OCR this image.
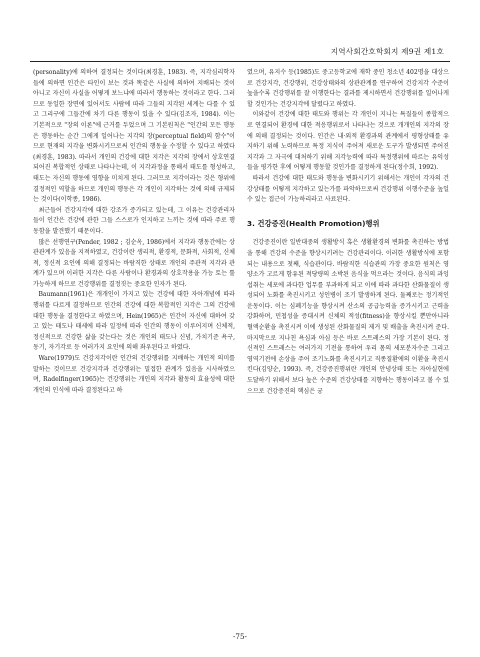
지역사회간호학회지 제9권 제1호

(personality)에 의하여 결정되는 것이다(최경훈, 1983). 즉, 지각심리학자들에 의하면 인간은 타인이 보는 것과 똑같은 사실에 의하여 지배되는 것이 아니고 자신이 사실을 어떻게 보느냐에 따라서 행동하는 것이라고 한다. 그러므로 동일한 장면에 있어서도 사람에 따라 그들의 지각된 세계는 다를 수 있고 그리구에 그들간에 차기 다른 행동이 있을 수 있다(김조자, 1984). 이는 기본적으로 "장의 이론"에 근거를 두었으며 그 기본원칙은 "인간의 모든 행동은 행동하는 순간 그에게 일어나는 지각의 장(perceptual field)의 함수"이므로 현재의 지각을 변화시키므로써 인간의 행동을 수정할 수 있다고 하였다(최경훈, 1983). 따라서 개인의 건강에 대한 지각은 지각의 장에서 상호연결되어진 복합적인 상태로 나타나는데, 이 지각과정을 통해서 태도를 형성하고, 태도는 자신의 행동에 영향을 미치게 된다. 그러므로 지각이라는 것은 형위에 결정적인 역할을 하므로 개인의 행동은 각 개인이 지각하는 것에 의해 규제되는 것이다(이학종, 1986).

최근들어 건강지각에 대한 강조가 증가되고 있는데, 그 이유는 건강관리자들이 인간은 건강에 관한 그들 스스로가 인지하고 느끼는 것에 따라 주로 행동함을 발견했기 때문이다.

많은 선행연구(Pender, 1982 ; 김순옥, 1986)에서 지각과 행동간에는 상관관계가 있음을 지적하였고, 건강이란 생리적, 환경적, 문화적, 사회적, 신체적, 정신적 요인에 의해 결정되는 바람직한 상태로 개인의 주관적 지각과 관계가 있으며 이러한 지각은 다른 사람이나 환경과의 상호작용을 가능 토는 툴가능하게 하므로 건강행위를 결정짓는 중요한 인자가 된다.

Baumann(1961)은 개개인이 가지고 있는 건강에 대한 자아개념에 따라 행위를 다르게 결정하므로 인간의 건강에 대한 복합적인 지각은 그의 건강에 대한 행동을 결정한다고 하였으며, Hein(1965)은 인간이 자신에 대하여 갖고 있는 태도나 태세에 따라 일정에 따라 인간의 행동이 이루어지며 신체적, 정신적으로 건강한 삶을 갖는다는 것은 개인의 태도나 신념, 가치기준 욕구, 동기, 자기각로 등 여러가지 요인에 의해 좌우된다고 하였다.

Ware(1979)도 건강지각이란 인간의 건강행위를 지배하는 개인적 의미를 말하는 것이므로 건강지각과 건강행위는 밀접한 관계가 있음을 시사하였으며, Radelfinger(1965)는 건강행위는 개인의 지각과 활동의 효율성에 대한 개인의 인식에 따라 결정된다고 하

였으며, 유지수 등(1985)도 중고등학교에 재학 중인 청소년 402명을 대상으로 건강지각, 건강행위, 건강상태와의 상관관계를 연구하여 건강지각 수준이 높을수록 건강행위를 잘 이행한다는 결과를 제시하면서 건강행위를 일어나게 할 것인가는 건강지각에 달렸다고 하였다.

이와같이 건강에 대한 태도와 행위는 각 개인이 지니는 특질들이 종합적으로 연결되어 환경에 대한 적응행위로서 나타나는 것으로 개개인의 지각의 장에 의해 결정되는 것이다. 인간은 내·외적 환경과의 관계에서 평형상태를 유지하기 위해 노력하므로 특정 지식이 주어져 새로운 도구가 발생되면 주어진 지각과 그 자극에 대처하기 위해 지각능력에 따라 특정행위에 따르는 유익성들을 평가한 후에 어떻게 행동할 것인가를 결정하게 된다(정수희, 1992).

따라서 건강에 대한 태도와 행동을 변화시키기 위해서는 개인이 각자의 건강상태를 어떻게 지각하고 있는가를 파악하므로써 건강행위 이행수준을 높일 수 있는 접근이 가능하리라고 사료된다.

3. 건강증진(Health Promotion)행위

건강증진이란 일반대중의 생활방식 혹은 생활환경의 변화를 촉진하는 방법을 통해 건강의 수준을 향상시키려는 건강관리이다. 이러한 생활방식에 포함되는 내용으로 첫째, 식습관이다. 바람직한 식습관의 가장 중요한 원칙은 영양소가 고르게 함유된 적당량의 소박된 음식을 먹으라는 것이다. 음식의 과잉섭취는 세포에 과다한 업무를 부과하게 되고 이에 따라 과다한 산화물질이 생성되어 노화를 촉진시키고 성인병이 조기 발생하게 된다. 둘째로는 정기적인 운동이다. 이는 심폐기능을 향상시켜 산소의 공급능력을 증가시키고 근력을 강화하며, 민첩성을 증대시켜 신체의 적성(fitness)을 향상시킬 뿐만아니라 혈액순환을 촉진시켜 이에 생성된 산화물질의 제거 및 배출을 촉진시켜 준다. 마지막으로 지나친 욕심과 아심 등은 바로 스트레스의 가장 기본이 된다. 정신적인 스트레스는 여러가지 기전을 통하여 우리 몸의 세포분자수준 그리고 영역기전에 손상을 주어 조기노화를 촉진시키고 직종질환에의 이환을 촉진시킨다(김양순, 1993). 즉, 건강증진행위란 개인의 안녕상태 또는 자아실현에 도달하기 위해서 보다 높은 수준의 건강상태를 지향하는 행동이라고 볼 수 있으므로 건강증진의 핵심은 궁

-75-
